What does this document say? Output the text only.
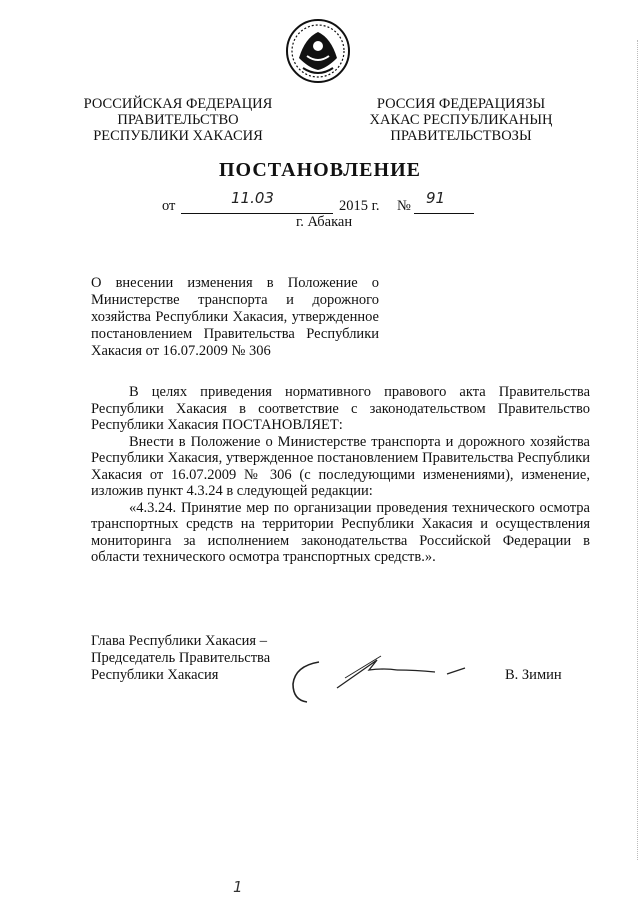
РОССИЙСКАЯ ФЕДЕРАЦИЯ
ПРАВИТЕЛЬСТВО
РЕСПУБЛИКИ ХАКАСИЯ
РОССИЯ ФЕДЕРАЦИЯЗЫ
ХАКАС РЕСПУБЛИКАНЫҢ
ПРАВИТЕЛЬСТВОЗЫ
ПОСТАНОВЛЕНИЕ
от	11.03	2015 г. № 91
г. Абакан
О внесении изменения в Положение о Министерстве транспорта и дорожного хозяйства Республики Хакасия, утвержденное постановлением Правительства Республики Хакасия от 16.07.2009 № 306

В целях приведения нормативного правового акта Правительства Республики Хакасия в соответствие с законодательством Правительство Республики Хакасия ПОСТАНОВЛЯЕТ:

Внести в Положение о Министерстве транспорта и дорожного хозяйства Республики Хакасия, утвержденное постановлением Правительства Республики Хакасия от 16.07.2009 № 306 (с последующими изменениями), изменение, изложив пункт 4.3.24 в следующей редакции:

«4.3.24. Принятие мер по организации проведения технического осмотра транспортных средств на территории Республики Хакасия и осуществления мониторинга за исполнением законодательства Российской Федерации в области технического осмотра транспортных средств.».

Глава Республики Хакасия –
Председатель Правительства
Республики Хакасия	В. Зимин
1
